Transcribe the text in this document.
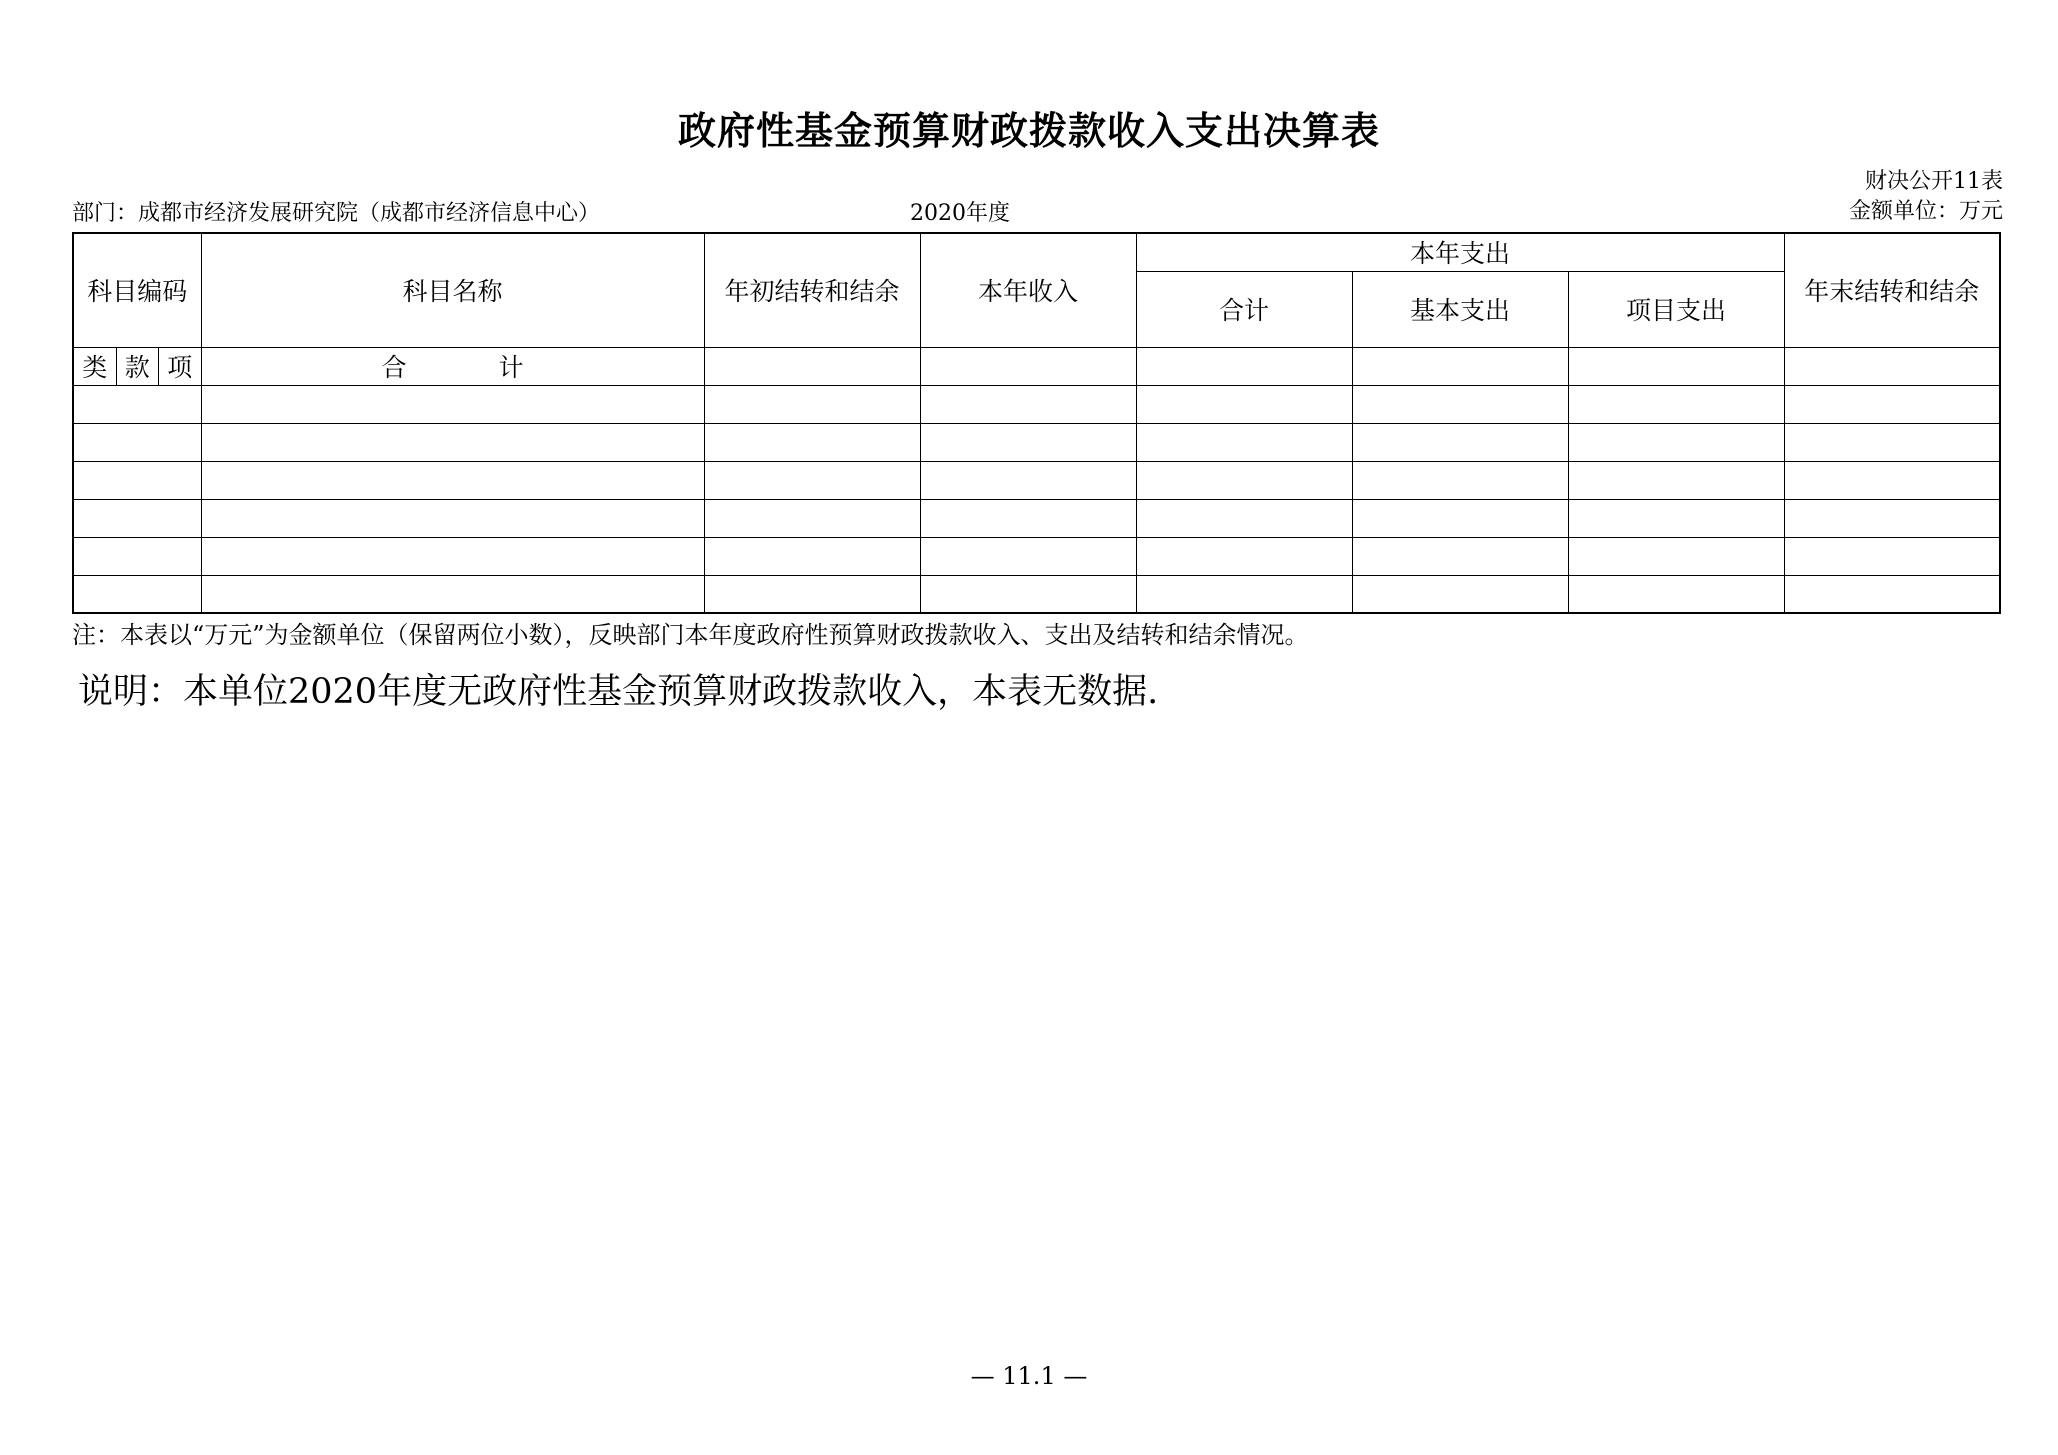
政府性基金预算财政拨款收入支出决算表
财决公开11表
部门：成都市经济发展研究院（成都市经济信息中心）	2020年度	金额单位：万元
科目编码	科目名称	年初结转和结余	本年收入	本年支出			年末结转和结余
				合计	基本支出	项目支出	

类 款 项	合 计						

注：本表以“万元”为金额单位（保留两位小数），反映部门本年度政府性预算财政拨款收入、支出及结转和结余情况。
说明：本单位2020年度无政府性基金预算财政拨款收入，本表无数据.
— 11.1 —
